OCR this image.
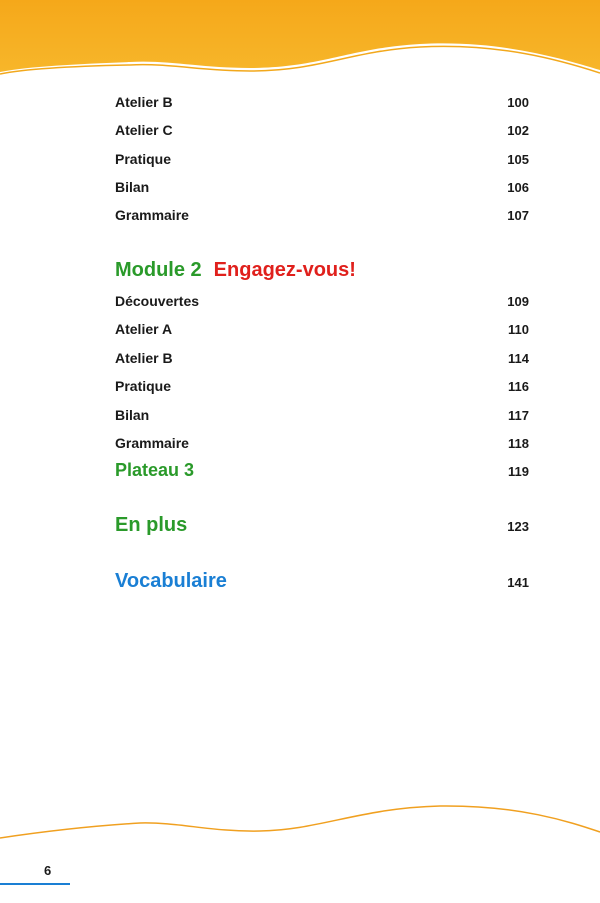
Atelier B	100
Atelier C	102
Pratique	105
Bilan	106
Grammaire	107
Module 2 Engagez-vous!
Découvertes	109
Atelier A	110
Atelier B	114
Pratique	116
Bilan	117
Grammaire	118
Plateau 3	119
En plus	123
Vocabulaire	141
6
